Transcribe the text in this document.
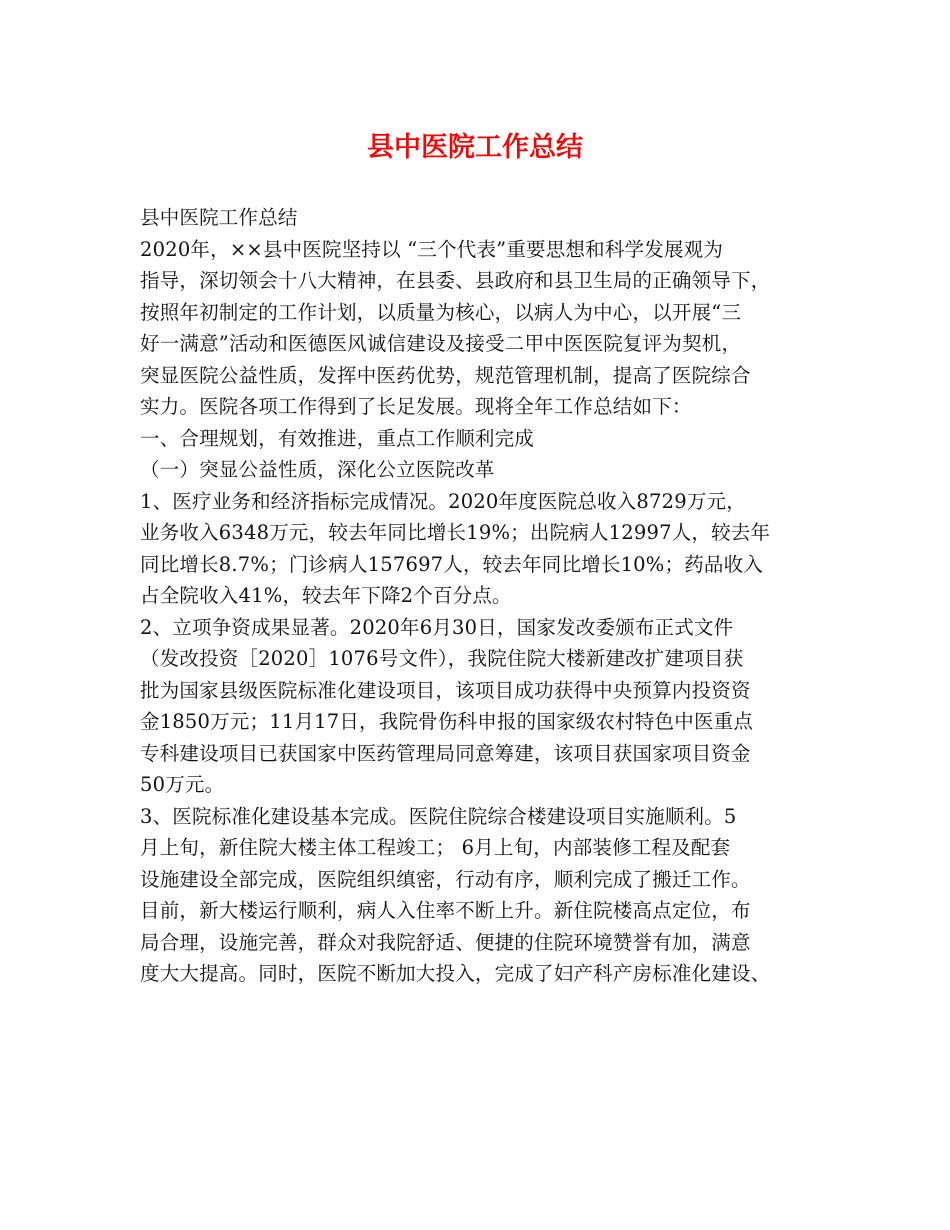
县中医院工作总结
县中医院工作总结
2020年，××县中医院坚持以 “三个代表”重要思想和科学发展观为
指导，深切领会十八大精神，在县委、县政府和县卫生局的正确领导下，
按照年初制定的工作计划，以质量为核心，以病人为中心，以开展“三
好一满意”活动和医德医风诚信建设及接受二甲中医医院复评为契机，
突显医院公益性质，发挥中医药优势，规范管理机制，提高了医院综合
实力。医院各项工作得到了长足发展。现将全年工作总结如下：
一、合理规划，有效推进，重点工作顺利完成
（一）突显公益性质，深化公立医院改革
1、医疗业务和经济指标完成情况。2020年度医院总收入8729万元，
业务收入6348万元，较去年同比增长19%；出院病人12997人，较去年
同比增长8.7%；门诊病人157697人，较去年同比增长10%；药品收入
占全院收入41%，较去年下降2个百分点。
2、立项争资成果显著。2020年6月30日，国家发改委颁布正式文件
（发改投资［2020］1076号文件），我院住院大楼新建改扩建项目获
批为国家县级医院标准化建设项目，该项目成功获得中央预算内投资资
金1850万元；11月17日，我院骨伤科申报的国家级农村特色中医重点
专科建设项目已获国家中医药管理局同意筹建，该项目获国家项目资金
50万元。
3、医院标准化建设基本完成。医院住院综合楼建设项目实施顺利。5
月上旬，新住院大楼主体工程竣工； 6月上旬，内部装修工程及配套
设施建设全部完成，医院组织缜密，行动有序，顺利完成了搬迁工作。
目前，新大楼运行顺利，病人入住率不断上升。新住院楼高点定位，布
局合理，设施完善，群众对我院舒适、便捷的住院环境赞誉有加，满意
度大大提高。同时，医院不断加大投入，完成了妇产科产房标准化建设、
